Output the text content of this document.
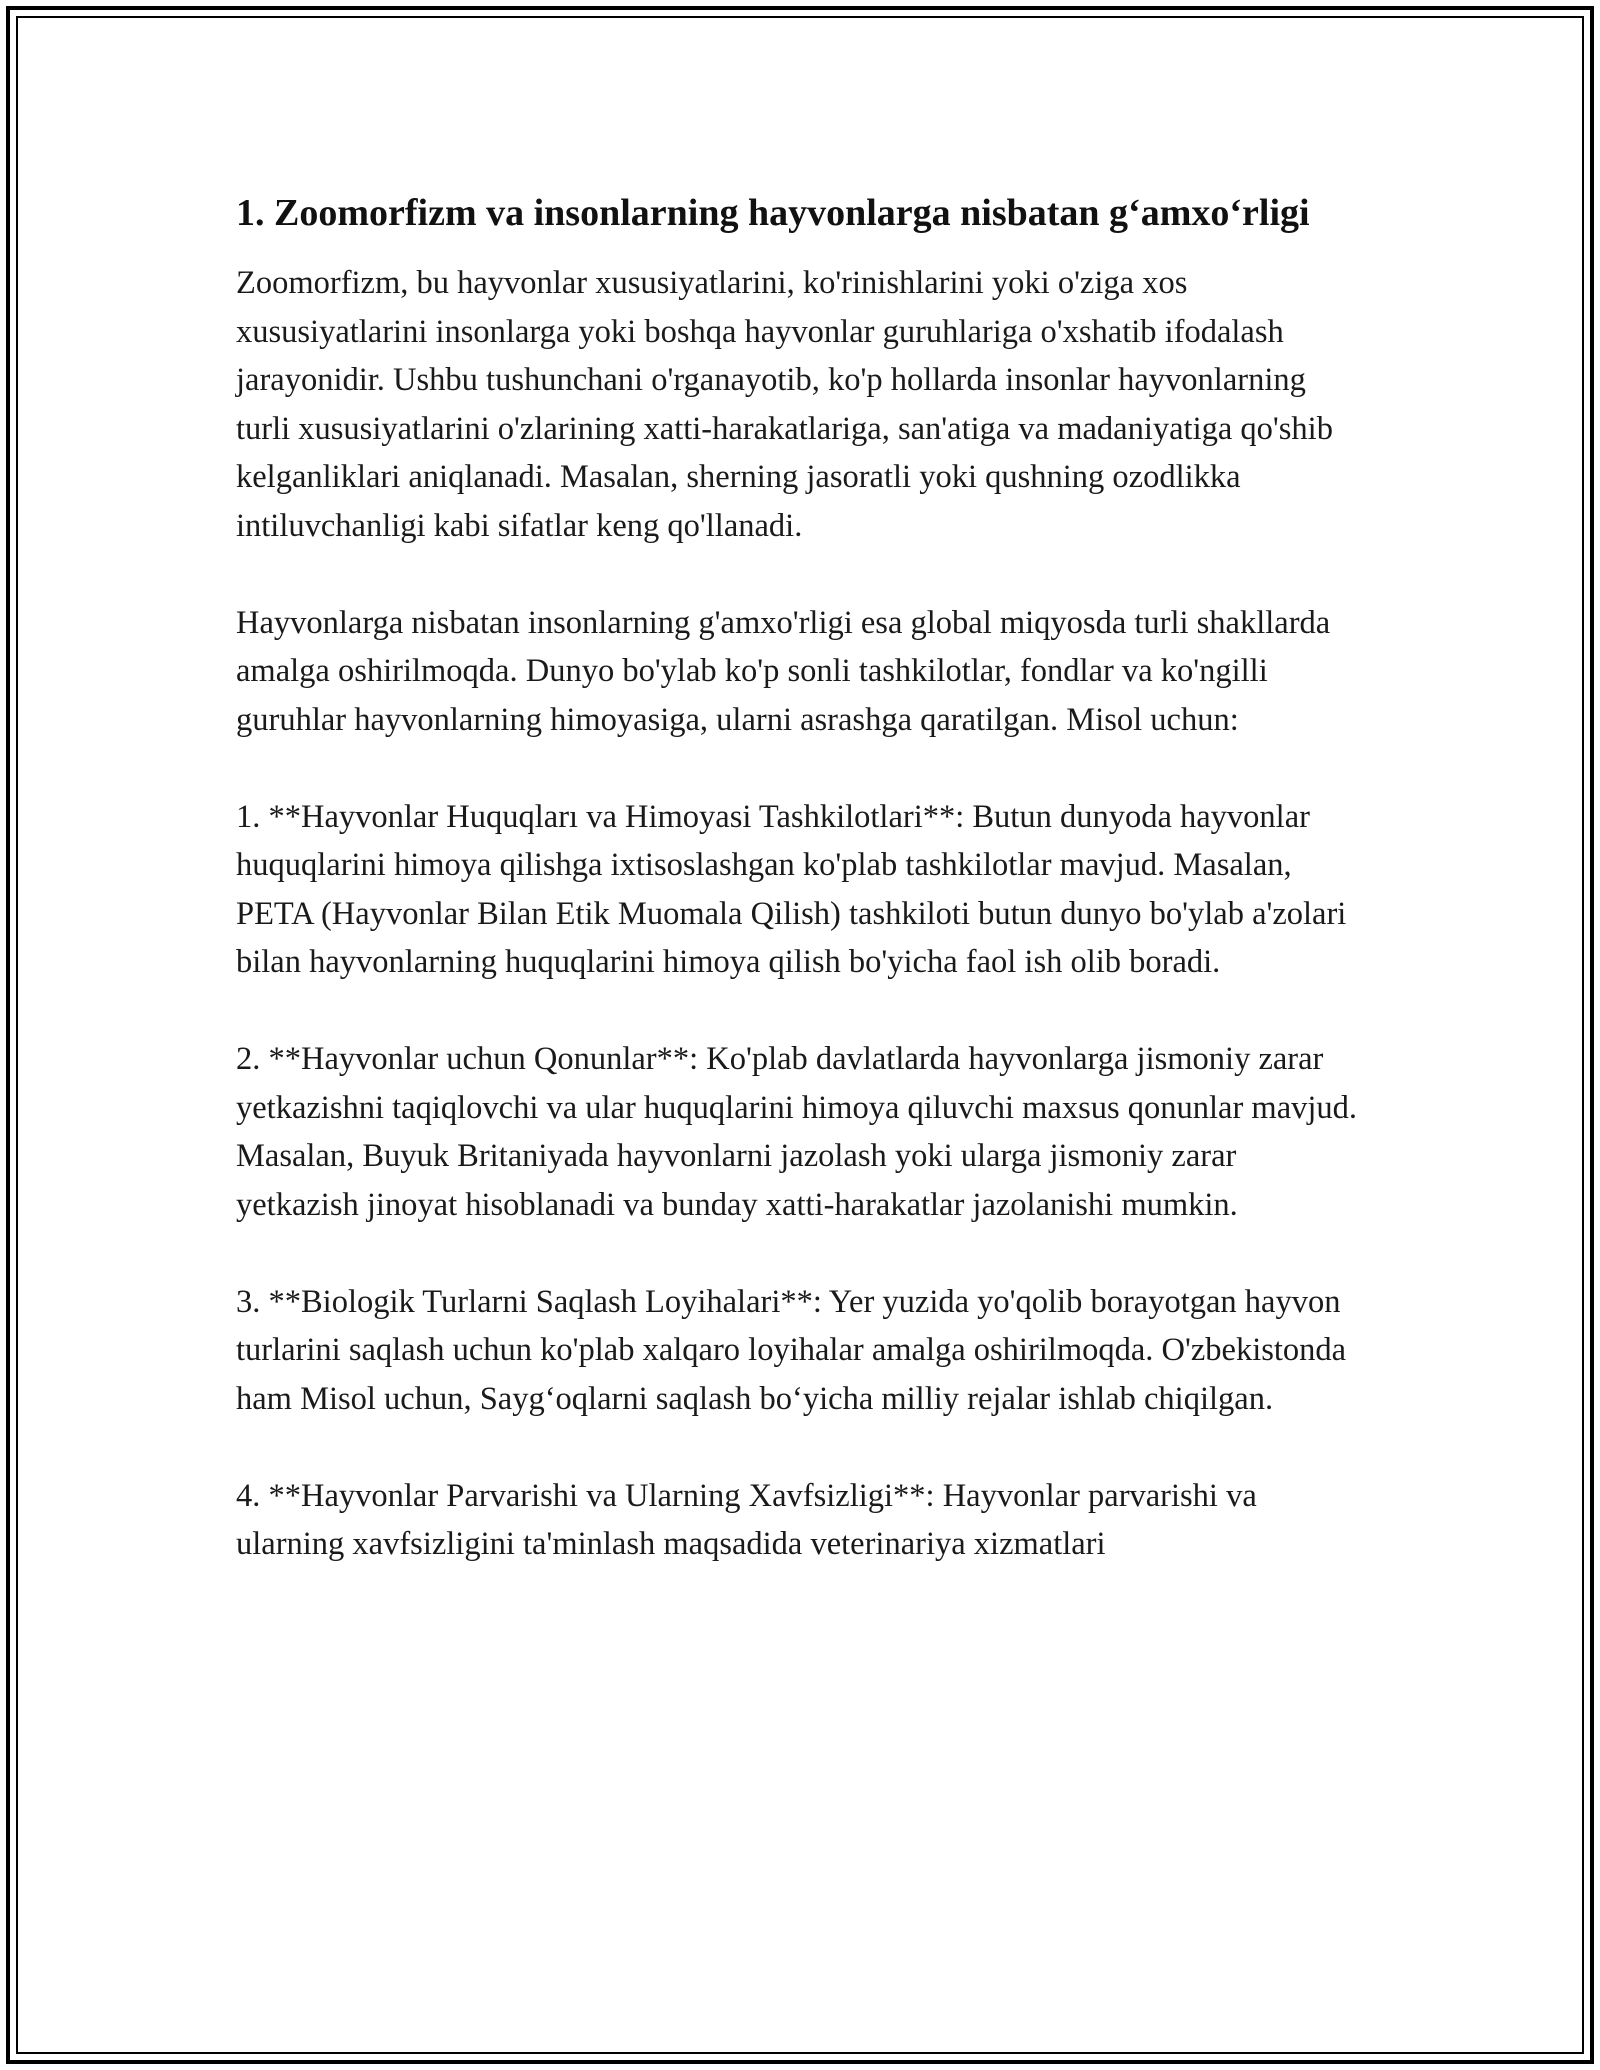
1. Zoomorfizm va insonlarning hayvonlarga nisbatan g‘amxo‘rligi

Zoomorfizm, bu hayvonlar xususiyatlarini, ko'rinishlarini yoki o'ziga xos xususiyatlarini insonlarga yoki boshqa hayvonlar guruhlariga o'xshatib ifodalash jarayonidir. Ushbu tushunchani o'rganayotib, ko'p hollarda insonlar hayvonlarning turli xususiyatlarini o'zlarining xatti-harakatlariga, san'atiga va madaniyatiga qo'shib kelganliklari aniqlanadi. Masalan, sherning jasoratli yoki qushning ozodlikka intiluvchanligi kabi sifatlar keng qo'llanadi.

Hayvonlarga nisbatan insonlarning g'amxo'rligi esa global miqyosda turli shakllarda amalga oshirilmoqda. Dunyo bo'ylab ko'p sonli tashkilotlar, fondlar va ko'ngilli guruhlar hayvonlarning himoyasiga, ularni asrashga qaratilgan. Misol uchun:

1. **Hayvonlar Huquqları va Himoyasi Tashkilotlari**: Butun dunyoda hayvonlar huquqlarini himoya qilishga ixtisoslashgan ko'plab tashkilotlar mavjud. Masalan, PETA (Hayvonlar Bilan Etik Muomala Qilish) tashkiloti butun dunyo bo'ylab a'zolari bilan hayvonlarning huquqlarini himoya qilish bo'yicha faol ish olib boradi.

2. **Hayvonlar uchun Qonunlar**: Ko'plab davlatlarda hayvonlarga jismoniy zarar yetkazishni taqiqlovchi va ular huquqlarini himoya qiluvchi maxsus qonunlar mavjud. Masalan, Buyuk Britaniyada hayvonlarni jazolash yoki ularga jismoniy zarar yetkazish jinoyat hisoblanadi va bunday xatti-harakatlar jazolanishi mumkin.

3. **Biologik Turlarni Saqlash Loyihalari**: Yer yuzida yo'qolib borayotgan hayvon turlarini saqlash uchun ko'plab xalqaro loyihalar amalga oshirilmoqda. O'zbekistonda ham Misol uchun, Sayg‘oqlarni saqlash bo‘yicha milliy rejalar ishlab chiqilgan.

4. **Hayvonlar Parvarishi va Ularning Xavfsizligi**: Hayvonlar parvarishi va ularning xavfsizligini ta'minlash maqsadida veterinariya xizmatlari
